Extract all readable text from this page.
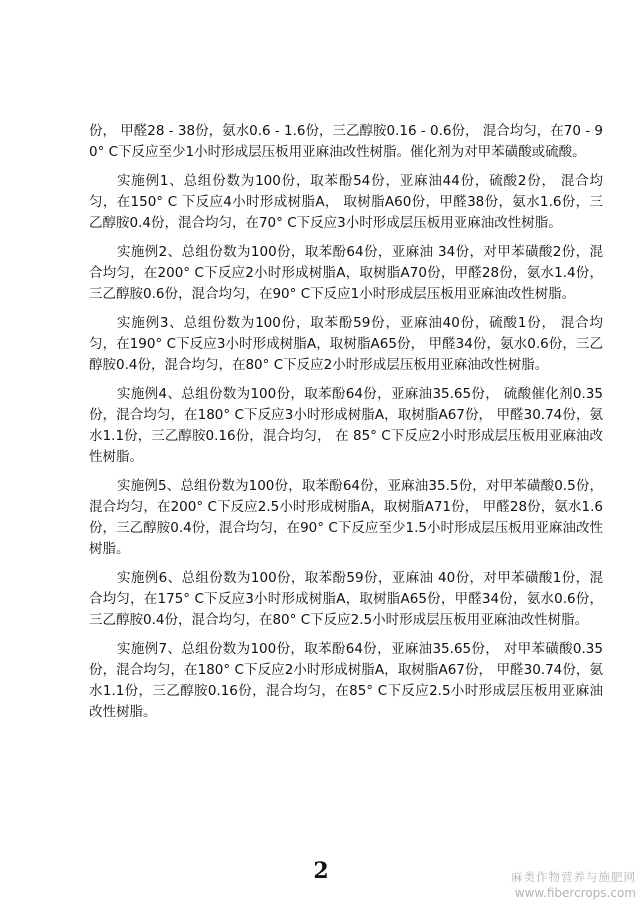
份， 甲醛28 - 38份，氨水0.6 - 1.6份，三乙醇胺0.16 - 0.6份， 混合均匀，在70 - 90° C下反应至少1小时形成层压板用亚麻油改性树脂。催化剂为对甲苯磺酸或硫酸。

实施例1、总组份数为100份，取苯酚54份，亚麻油44份，硫酸2份， 混合均匀，在150° C 下反应4小时形成树脂A， 取树脂A60份，甲醛38份，氨水1.6份，三乙醇胺0.4份，混合均匀，在70° C下反应3小时形成层压板用亚麻油改性树脂。

实施例2、总组份数为100份，取苯酚64份，亚麻油 34份，对甲苯磺酸2份，混合均匀，在200° C下反应2小时形成树脂A，取树脂A70份，甲醛28份，氨水1.4份，三乙醇胺0.6份，混合均匀，在90° C下反应1小时形成层压板用亚麻油改性树脂。

实施例3、总组份数为100份，取苯酚59份，亚麻油40份，硫酸1份， 混合均匀，在190° C下反应3小时形成树脂A，取树脂A65份， 甲醛34份，氨水0.6份，三乙醇胺0.4份，混合均匀，在80° C下反应2小时形成层压板用亚麻油改性树脂。

实施例4、总组份数为100份，取苯酚64份，亚麻油35.65份， 硫酸催化剂0.35份，混合均匀，在180° C下反应3小时形成树脂A，取树脂A67份， 甲醛30.74份，氨水1.1份，三乙醇胺0.16份，混合均匀， 在 85° C下反应2小时形成层压板用亚麻油改性树脂。

实施例5、总组份数为100份，取苯酚64份，亚麻油35.5份，对甲苯磺酸0.5份， 混合均匀，在200° C下反应2.5小时形成树脂A，取树脂A71份， 甲醛28份，氨水1.6份，三乙醇胺0.4份，混合均匀，在90° C下反应至少1.5小时形成层压板用亚麻油改性树脂。

实施例6、总组份数为100份，取苯酚59份，亚麻油 40份，对甲苯磺酸1份，混合均匀，在175° C下反应3小时形成树脂A，取树脂A65份，甲醛34份，氨水0.6份，三乙醇胺0.4份，混合均匀，在80° C下反应2.5小时形成层压板用亚麻油改性树脂。

实施例7、总组份数为100份，取苯酚64份，亚麻油35.65份， 对甲苯磺酸0.35份，混合均匀，在180° C下反应2小时形成树脂A，取树脂A67份， 甲醛30.74份，氨水1.1份，三乙醇胺0.16份，混合均匀，在85° C下反应2.5小时形成层压板用亚麻油改性树脂。

2	麻类作物营养与施肥网
www.fibercrops.com
